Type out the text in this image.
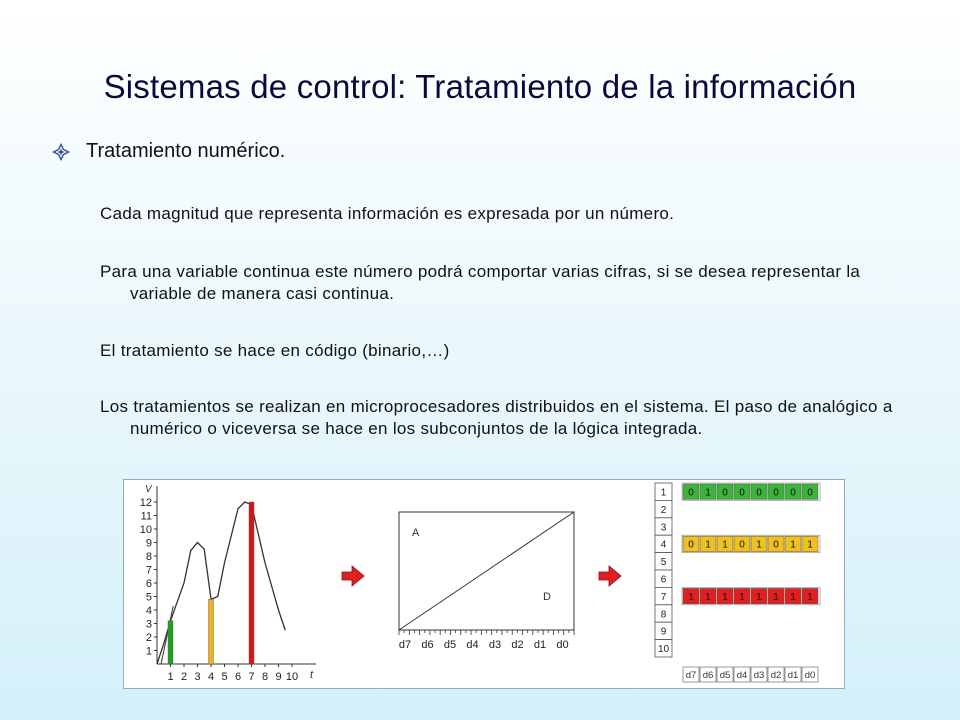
Sistemas de control: Tratamiento de la información
Tratamiento numérico.
Cada magnitud que representa información es expresada por un número.
Para una variable continua este número podrá comportar varias cifras, si se desea representar la variable de manera casi continua.
El tratamiento se hace en código (binario,…)
Los tratamientos se realizan en microprocesadores distribuidos en el sistema. El paso de analógico a numérico o viceversa se hace en los subconjuntos de la lógica integrada.
V
t
1
2
3
4
5
6
7
8
9
10
11
12
1 2 3 4 5 6 7 8 9 10
A
D
d7 d6 d5 d4 d3 d2 d1 d0
1
2
3
4
5
6
7
8
9
10
0 1 0 0 0 0 0 0
0 1 1 0 1 0 1 1
1 1 1 1 1 1 1 1
d7 d6 d5 d4 d3 d2 d1 d0
